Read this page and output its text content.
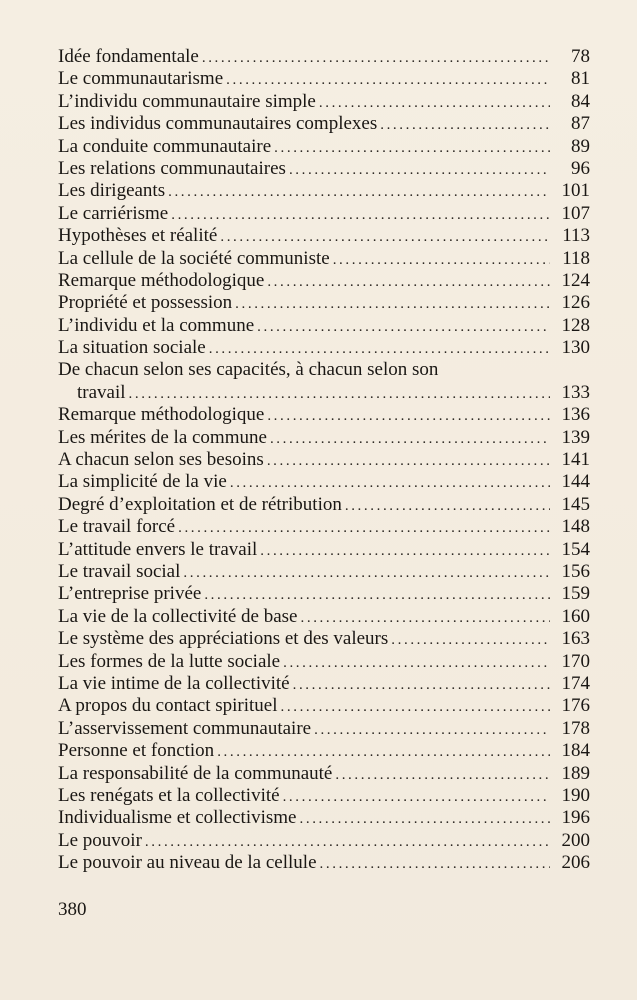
Idée fondamentale .....	78
Le communautarisme .....	81
L’individu communautaire simple .....	84
Les individus communautaires complexes .....	87
La conduite communautaire .....	89
Les relations communautaires .....	96
Les dirigeants .....	101
Le carriérisme .....	107
Hypothèses et réalité .....	113
La cellule de la société communiste .....	118
Remarque méthodologique .....	124
Propriété et possession .....	126
L’individu et la commune .....	128
La situation sociale .....	130
De chacun selon ses capacités, à chacun selon son
travail .....	133
Remarque méthodologique .....	136
Les mérites de la commune .....	139
A chacun selon ses besoins .....	141
La simplicité de la vie .....	144
Degré d’exploitation et de rétribution .....	145
Le travail forcé .....	148
L’attitude envers le travail .....	154
Le travail social .....	156
L’entreprise privée .....	159
La vie de la collectivité de base .....	160
Le système des appréciations et des valeurs .....	163
Les formes de la lutte sociale .....	170
La vie intime de la collectivité .....	174
A propos du contact spirituel .....	176
L’asservissement communautaire .....	178
Personne et fonction .....	184
La responsabilité de la communauté .....	189
Les renégats et la collectivité .....	190
Individualisme et collectivisme .....	196
Le pouvoir .....	200
Le pouvoir au niveau de la cellule .....	206
380
